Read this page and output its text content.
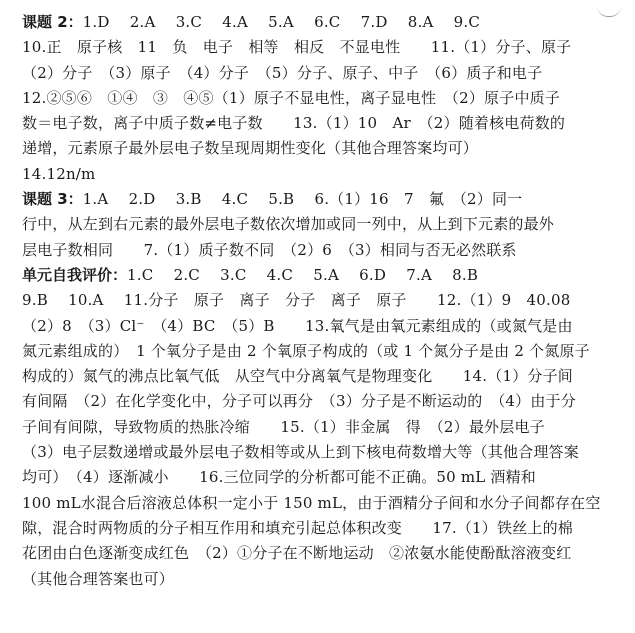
课题 2：1.D　 2.A　 3.C　 4.A　 5.A　 6.C　 7.D　 8.A　 9.C
10.正　原子核　11　负　电子　相等　相反　不显电性　　11.（1）分子、原子
（2）分子　（3）原子　（4）分子　（5）分子、原子、中子　（6）质子和电子
12.②⑤⑥　①④　③　④⑤（1）原子不显电性，离子显电性　（2）原子中质子
数＝电子数，离子中质子数≠电子数　　13.（1）10　Ar　（2）随着核电荷数的
递增，元素原子最外层电子数呈现周期性变化（其他合理答案均可）
14.12n/m
课题 3：1.A　 2.D　 3.B　 4.C　 5.B　 6.（1）16　7　氟　（2）同一
行中，从左到右元素的最外层电子数依次增加或同一列中，从上到下元素的最外
层电子数相同　　7.（1）质子数不同　（2）6　（3）相同与否无必然联系
单元自我评价：1.C　 2.C　 3.C　 4.C　 5.A　 6.D　 7.A　 8.B
9.B　 10.A　 11.分子　原子　离子　分子　离子　原子　　12.（1）9　40.08
（2）8　（3）Cl⁻　（4）BC　（5）B　　13.氧气是由氧元素组成的（或氮气是由
氮元素组成的）　1 个氧分子是由 2 个氧原子构成的（或 1 个氮分子是由 2 个氮原子
构成的）氮气的沸点比氧气低　从空气中分离氧气是物理变化　　14.（1）分子间
有间隔　（2）在化学变化中，分子可以再分　（3）分子是不断运动的　（4）由于分
子间有间隙，导致物质的热胀冷缩　　15.（1）非金属　得　（2）最外层电子
（3）电子层数递增或最外层电子数相等或从上到下核电荷数增大等（其他合理答案
均可）　（4）逐渐减小　　16.三位同学的分析都可能不正确。50 mL 酒精和
100 mL水混合后溶液总体积一定小于 150 mL，由于酒精分子间和水分子间都存在空
隙，混合时两物质的分子相互作用和填充引起总体积改变　　17.（1）铁丝上的棉
花团由白色逐渐变成红色　（2）①分子在不断地运动　②浓氨水能使酚酞溶液变红
（其他合理答案也可）
